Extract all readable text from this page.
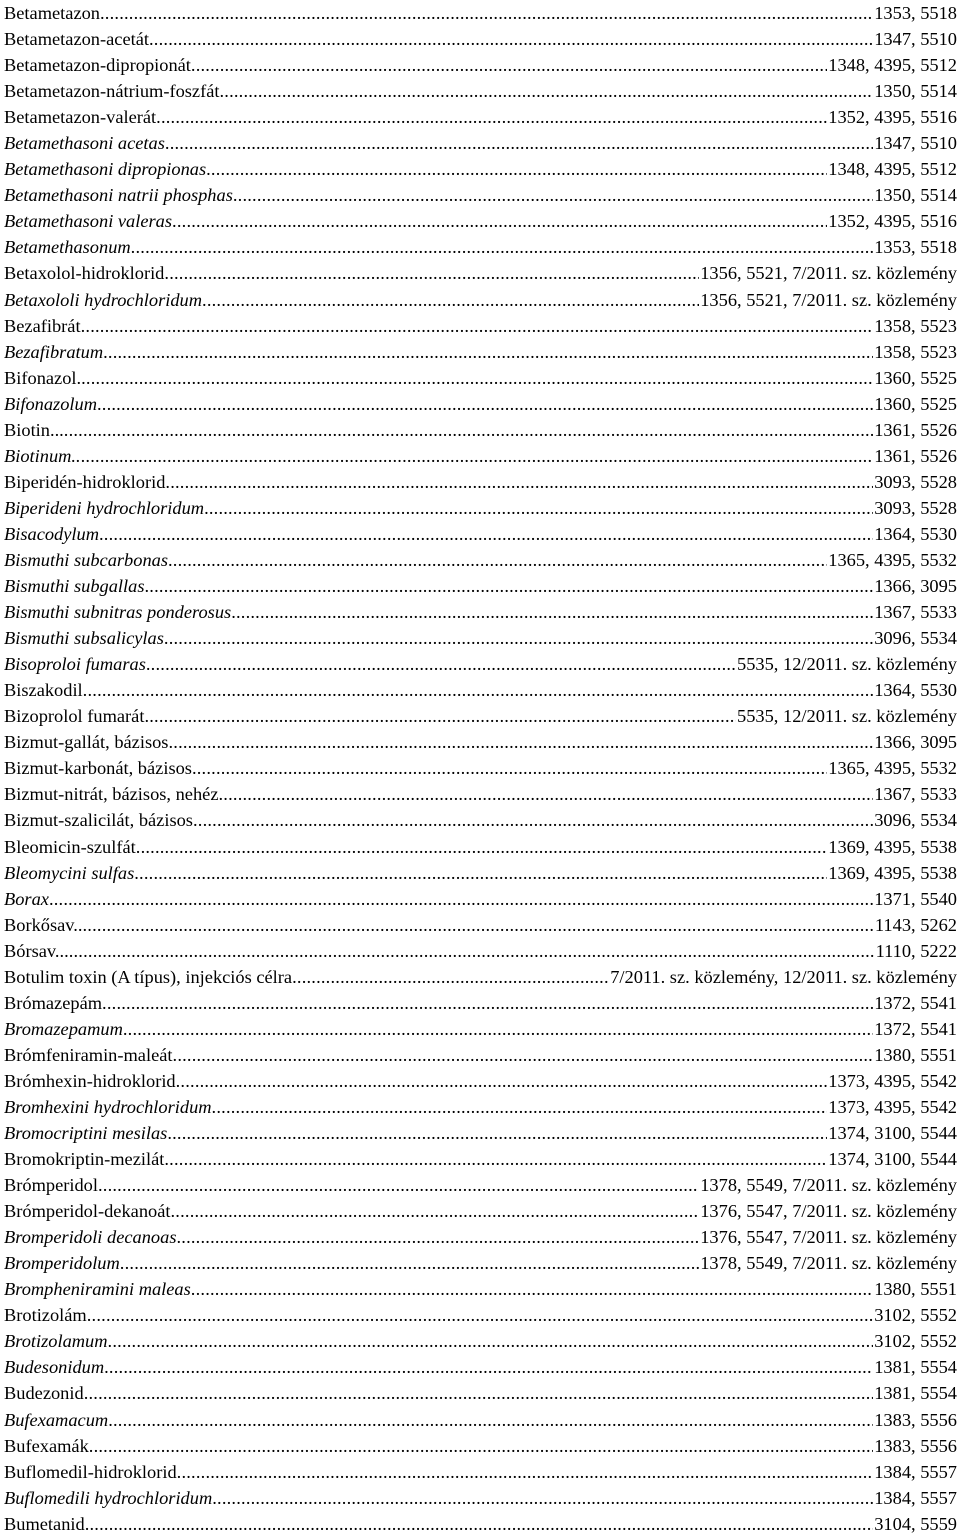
Betametazon .....	1353, 5518
Betametazon-acetát .....	1347, 5510
Betametazon-dipropionát .....	1348, 4395, 5512
Betametazon-nátrium-foszfát .....	1350, 5514
Betametazon-valerát .....	1352, 4395, 5516
Betamethasoni acetas .....	1347, 5510
Betamethasoni dipropionas .....	1348, 4395, 5512
Betamethasoni natrii phosphas .....	1350, 5514
Betamethasoni valeras .....	1352, 4395, 5516
Betamethasonum .....	1353, 5518
Betaxolol-hidroklorid .....	1356, 5521, 7/2011. sz. közlemény
Betaxololi hydrochloridum .....	1356, 5521, 7/2011. sz. közlemény
Bezafibrát .....	1358, 5523
Bezafibratum .....	1358, 5523
Bifonazol. .....	1360, 5525
Bifonazolum .....	1360, 5525
Biotin... .....	1361, 5526
Biotinum.. .....	1361, 5526
Biperidén-hidroklorid .....	3093, 5528
Biperideni hydrochloridum .....	3093, 5528
Bisacodylum .....	1364, 5530
Bismuthi subcarbonas .....	1365, 4395, 5532
Bismuthi subgallas .....	1366, 3095
Bismuthi subnitras ponderosus .....	1367, 5533
Bismuthi subsalicylas .....	3096, 5534
Bisoproloi fumaras .....	5535, 12/2011. sz. közlemény
Biszakodil .....	1364, 5530
Bizoprolol fumarát .....	5535, 12/2011. sz. közlemény
Bizmut-gallát, bázisos .....	1366, 3095
Bizmut-karbonát, bázisos .....	1365, 4395, 5532
Bizmut-nitrát, bázisos, nehéz .....	1367, 5533
Bizmut-szalicilát, bázisos .....	3096, 5534
Bleomicin-szulfát .....	1369, 4395, 5538
Bleomycini sulfas .....	1369, 4395, 5538
Borax .....	1371, 5540
Borkősav.. .....	1143, 5262
Bórsav... .....	1110, 5222
Botulim toxin (A típus), injekciós célra .....	7/2011. sz. közlemény, 12/2011. sz. közlemény
Brómazepám .....	1372, 5541
Bromazepamum .....	1372, 5541
Brómfeniramin-maleát .....	1380, 5551
Brómhexin-hidroklorid .....	1373, 4395, 5542
Bromhexini hydrochloridum .....	1373, 4395, 5542
Bromocriptini mesilas .....	1374, 3100, 5544
Bromokriptin-mezilát .....	1374, 3100, 5544
Brómperidol .....	1378, 5549, 7/2011. sz. közlemény
Brómperidol-dekanoát .....	1376, 5547, 7/2011. sz. közlemény
Bromperidoli decanoas .....	1376, 5547, 7/2011. sz. közlemény
Bromperidolum .....	1378, 5549, 7/2011. sz. közlemény
Brompheniramini maleas .....	1380, 5551
Brotizolám .....	3102, 5552
Brotizolamum .....	3102, 5552
Budesonidum .....	1381, 5554
Budezonid .....	1381, 5554
Bufexamacum .....	1383, 5556
Bufexamák .....	1383, 5556
Buflomedil-hidroklorid .....	1384, 5557
Buflomedili hydrochloridum .....	1384, 5557
Bumetanid .....	3104, 5559
